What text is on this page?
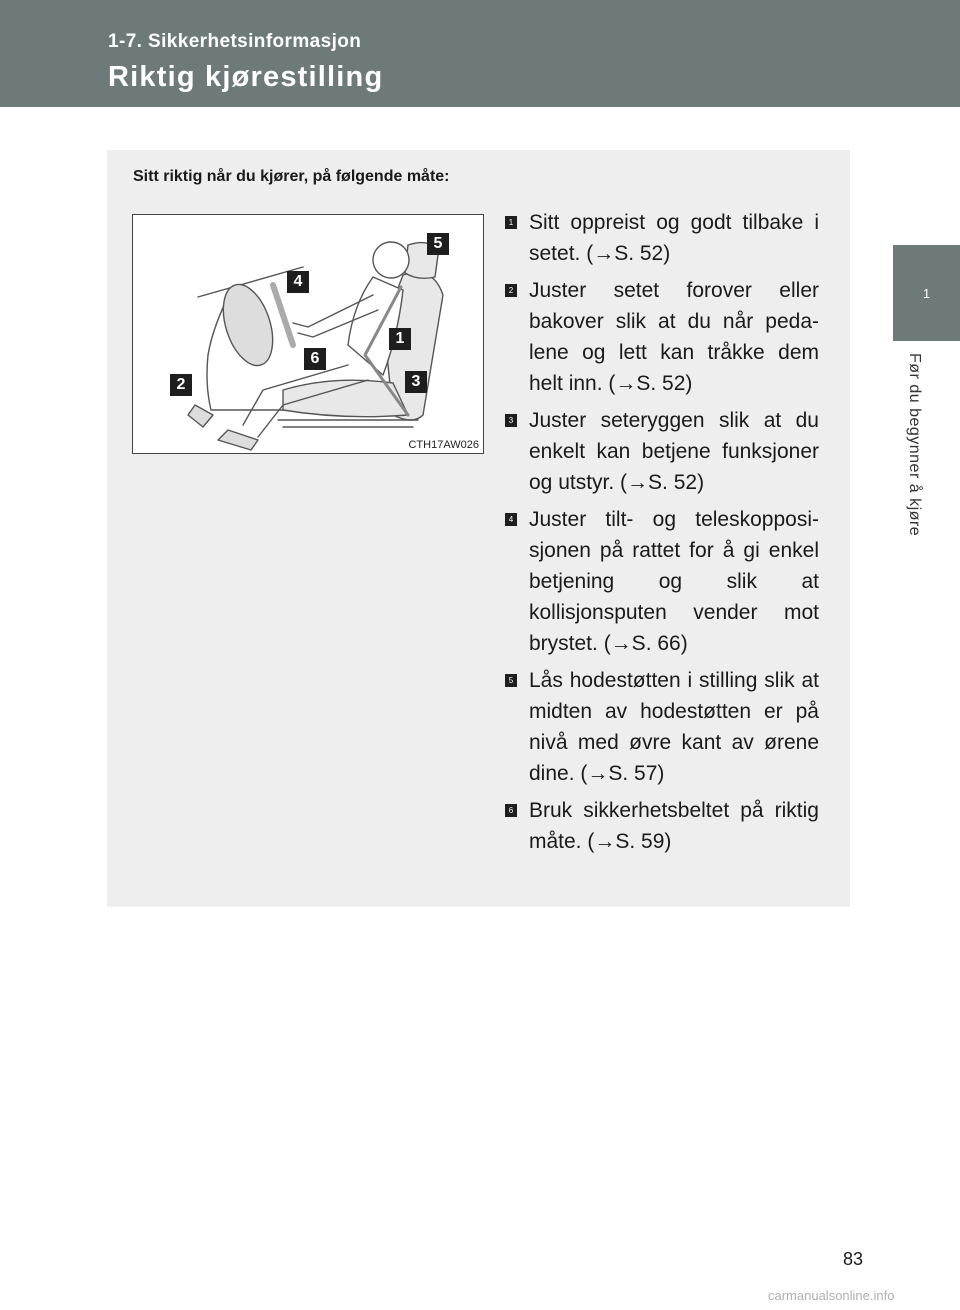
1-7. Sikkerhetsinformasjon
Riktig kjørestilling
1
Før du begynner å kjøre
Sitt riktig når du kjører, på følgende måte:
5
4
1
6
3
2
CTH17AW026
1 Sitt oppreist og godt tilbake i setet. (→S. 52)
2 Juster setet forover eller bakover slik at du når pedalene og lett kan tråkke dem helt inn. (→S. 52)
3 Juster seteryggen slik at du enkelt kan betjene funksjoner og utstyr. (→S. 52)
4 Juster tilt- og teleskopposisjonen på rattet for å gi enkel betjening og slik at kollisjonsputen vender mot brystet. (→S. 66)
5 Lås hodestøtten i stilling slik at midten av hodestøtten er på nivå med øvre kant av ørene dine. (→S. 57)
6 Bruk sikkerhetsbeltet på riktig måte. (→S. 59)
83
carmanualsonline.info
